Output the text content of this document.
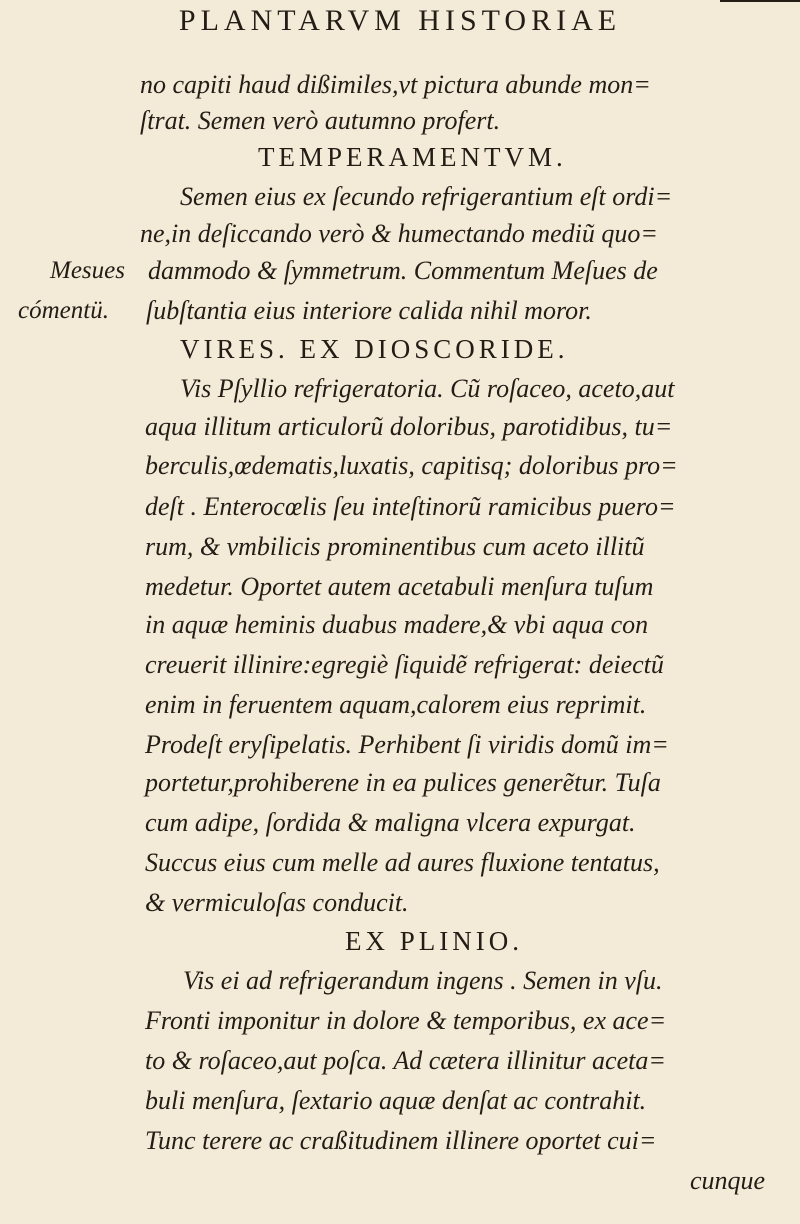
PLANTARVM HISTORIAE
no capiti haud dißimiles,vt pictura abunde mon=
ſtrat. Semen verò autumno profert.
TEMPERAMENTVM.
Semen eius ex ſecundo refrigerantium eſt ordi=
ne,in deſiccando verò & humectando mediũ quo=
Mesues dammodo & ſymmetrum. Commentum Meſues de
cómentü. ſubſtantia eius interiore calida nihil moror.
VIRES. EX DIOSCORIDE.
Vis Pſyllio refrigeratoria. Cũ roſaceo, aceto,aut
aqua illitum articulorũ doloribus, parotidibus, tu=
berculis,œdematis,luxatis, capitisq; doloribus pro=
deſt . Enterocœlis ſeu inteſtinorũ ramicibus puero=
rum, & vmbilicis prominentibus cum aceto illitũ
medetur. Oportet autem acetabuli menſura tuſum
in aquæ heminis duabus madere,& vbi aqua con
creuerit illinire:egregiè ſiquidẽ refrigerat: deiectũ
enim in feruentem aquam,calorem eius reprimit.
Prodeſt eryſipelatis. Perhibent ſi viridis domũ im=
portetur,prohiberene in ea pulices generẽtur. Tuſa
cum adipe, ſordida & maligna vlcera expurgat.
Succus eius cum melle ad aures fluxione tentatus,
& vermiculoſas conducit.
EX PLINIO.
Vis ei ad refrigerandum ingens . Semen in vſu.
Fronti imponitur in dolore & temporibus, ex ace=
to & roſaceo,aut poſca. Ad cætera illinitur aceta=
buli menſura, ſextario aquæ denſat ac contrahit.
Tunc terere ac craßitudinem illinere oportet cui=
cunque
